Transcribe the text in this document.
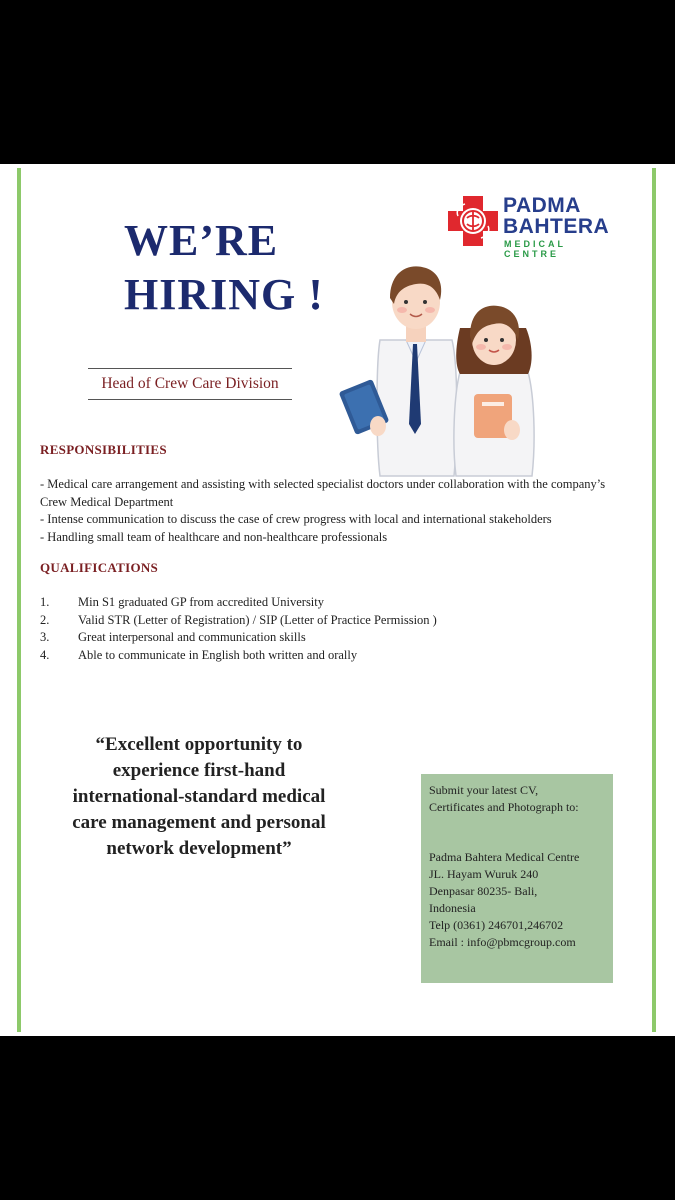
WE’RE
HIRING !
Head of Crew Care Division
PADMA
BAHTERA
MEDICAL CENTRE
RESPONSIBILITIES
- Medical care arrangement and assisting with selected specialist doctors under collaboration with the company’s Crew Medical Department
- Intense communication to discuss the case of crew progress with local and international stakeholders
- Handling small team of healthcare and non-healthcare professionals
QUALIFICATIONS
1.	Min S1 graduated GP from accredited University
2.	Valid STR (Letter of Registration) / SIP (Letter of Practice Permission )
3.	Great interpersonal and communication skills
4.	Able to communicate in English both written and orally
“Excellent opportunity to
experience first-hand
international-standard medical
care management and personal
network development”
Submit your latest CV,
Certificates and Photograph to:
Padma Bahtera Medical Centre
JL. Hayam Wuruk 240
Denpasar 80235- Bali,
Indonesia
Telp (0361) 246701,246702
Email : info@pbmcgroup.com
